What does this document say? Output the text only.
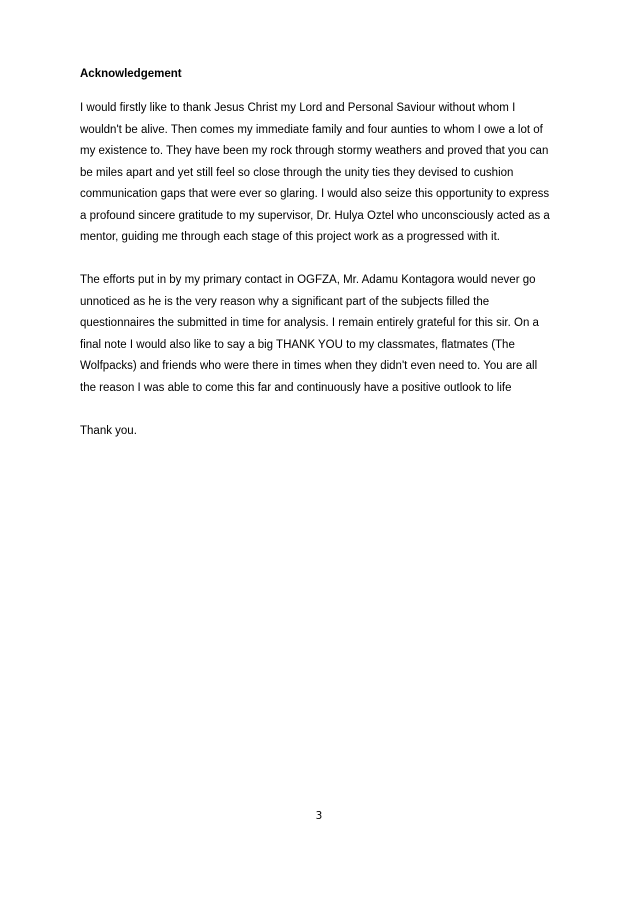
Acknowledgement
I would firstly like to thank Jesus Christ my Lord and Personal Saviour without whom I
wouldn't be alive. Then comes my immediate family and four aunties to whom I owe a lot of
my existence to. They have been my rock through stormy weathers and proved that you can
be miles apart and yet still feel so close through the unity ties they devised to cushion
communication gaps that were ever so glaring. I would also seize this opportunity to express
a profound sincere gratitude to my supervisor, Dr. Hulya Oztel who unconsciously acted as a
mentor, guiding me through each stage of this project work as a progressed with it.
The efforts put in by my primary contact in OGFZA, Mr. Adamu Kontagora would never go
unnoticed as he is the very reason why a significant part of the subjects filled the
questionnaires the submitted in time for analysis. I remain entirely grateful for this sir. On a
final note I would also like to say a big THANK YOU to my classmates, flatmates (The
Wolfpacks) and friends who were there in times when they didn't even need to. You are all
the reason I was able to come this far and continuously have a positive outlook to life
Thank you.
3
